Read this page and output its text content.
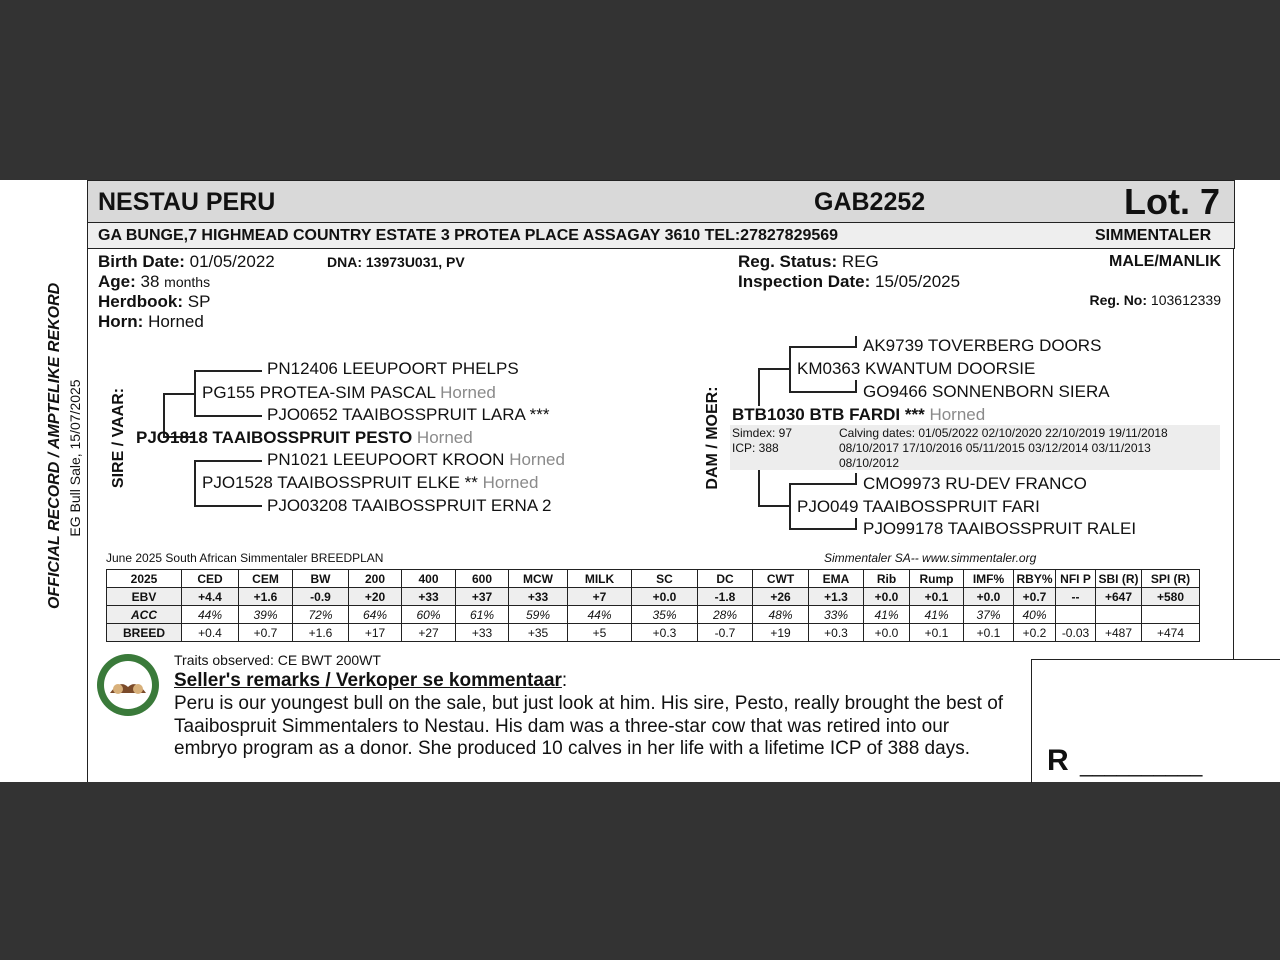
NESTAU PERU	GAB2252	Lot. 7
GA BUNGE,7 HIGHMEAD COUNTRY ESTATE 3 PROTEA PLACE ASSAGAY 3610 TEL:27827829569	SIMMENTALER
Birth Date: 01/05/2022	DNA: 13973U031, PV
Age: 38 months
Herdbook: SP
Horn: Horned
Reg. Status: REG
Inspection Date: 15/05/2025
MALE/MANLIK
Reg. No: 103612339
OFFICIAL RECORD / AMPTELIKE REKORD EG Bull Sale, 15/07/2025 SIRE / VAAR:	DAM / MOER:
PN12406 LEEUPOORT PHELPS
PG155 PROTEA-SIM PASCAL Horned
PJO0652 TAAIBOSSPRUIT LARA ***
PJO1818 TAAIBOSSPRUIT PESTO Horned
PN1021 LEEUPOORT KROON Horned
PJO1528 TAAIBOSSPRUIT ELKE ** Horned
PJO03208 TAAIBOSSPRUIT ERNA 2
AK9739 TOVERBERG DOORS
KM0363 KWANTUM DOORSIE
GO9466 SONNENBORN SIERA
BTB1030 BTB FARDI *** Horned
Simdex: 97
ICP: 388
Calving dates: 01/05/2022 02/10/2020 22/10/2019 19/11/2018
08/10/2017 17/10/2016 05/11/2015 03/12/2014 03/11/2013
08/10/2012
CMO9973 RU-DEV FRANCO
PJO049 TAAIBOSSPRUIT FARI
PJO99178 TAAIBOSSPRUIT RALEI
June 2025 South African Simmentaler BREEDPLAN	Simmentaler SA-- www.simmentaler.org
2025	CED	CEM	BW	200	400	600	MCW	MILK	SC	DC	CWT	EMA	Rib	Rump	IMF%	RBY%	NFI P	SBI (R)	SPI (R)
EBV	+4.4	+1.6	-0.9	+20	+33	+37	+33	+7	+0.0	-1.8	+26	+1.3	+0.0	+0.1	+0.0	+0.7	--	+647	+580
ACC	44%	39%	72%	64%	60%	61%	59%	44%	35%	28%	48%	33%	41%	41%	37%	40%			
BREED	+0.4	+0.7	+1.6	+17	+27	+33	+35	+5	+0.3	-0.7	+19	+0.3	+0.0	+0.1	+0.1	+0.2	-0.03	+487	+474
Traits observed: CE BWT 200WT
Seller's remarks / Verkoper se kommentaar:
Peru is our youngest bull on the sale, but just look at him. His sire, Pesto, really brought the best of
Taaibospruit Simmentalers to Nestau. His dam was a three-star cow that was retired into our
embryo program as a donor. She produced 10 calves in her life with a lifetime ICP of 388 days.	R __________
